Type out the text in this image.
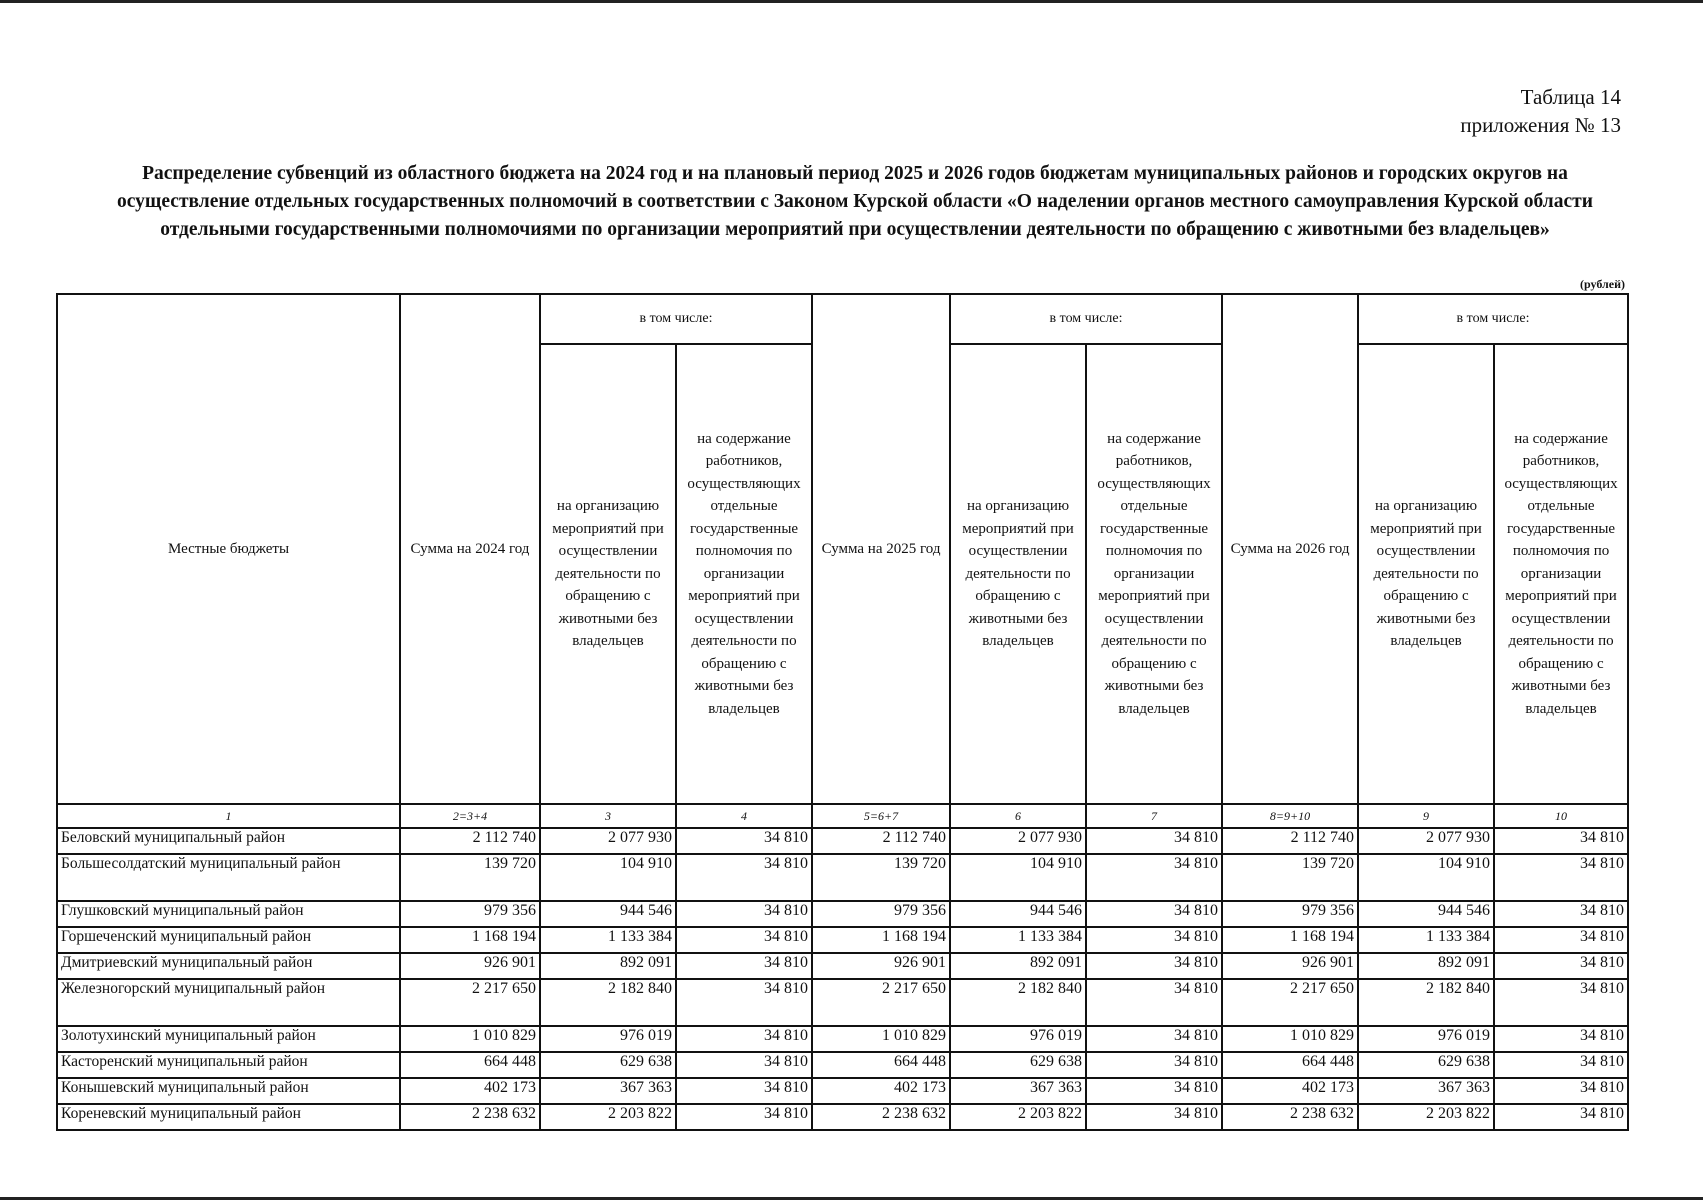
Таблица 14
приложения № 13
Распределение субвенций из областного бюджета на 2024 год и на плановый период 2025 и 2026 годов бюджетам муниципальных районов и городских округов на осуществление отдельных государственных полномочий в соответствии с Законом Курской области «О наделении органов местного самоуправления Курской области отдельными государственными полномочиями по организации мероприятий при осуществлении деятельности по обращению с животными без владельцев»
(рублей)
Местные бюджеты	Сумма на 2024 год	в том числе:		Сумма на 2025 год	в том числе:		Сумма на 2026 год	в том числе:	
		на организацию мероприятий при осуществлении деятельности по обращению с животными без владельцев	на содержание работников, осуществляющих отдельные государственные полномочия по организации мероприятий при осуществлении деятельности по обращению с животными без владельцев		на организацию мероприятий при осуществлении деятельности по обращению с животными без владельцев	на содержание работников, осуществляющих отдельные государственные полномочия по организации мероприятий при осуществлении деятельности по обращению с животными без владельцев		на организацию мероприятий при осуществлении деятельности по обращению с животными без владельцев	на содержание работников, осуществляющих отдельные государственные полномочия по организации мероприятий при осуществлении деятельности по обращению с животными без владельцев
1	2=3+4	3	4	5=6+7	6	7	8=9+10	9	10
Беловский муниципальный район	2 112 740	2 077 930	34 810	2 112 740	2 077 930	34 810	2 112 740	2 077 930	34 810
Большесолдатский муниципальный район	139 720	104 910	34 810	139 720	104 910	34 810	139 720	104 910	34 810
Глушковский муниципальный район	979 356	944 546	34 810	979 356	944 546	34 810	979 356	944 546	34 810
Горшеченский муниципальный район	1 168 194	1 133 384	34 810	1 168 194	1 133 384	34 810	1 168 194	1 133 384	34 810
Дмитриевский муниципальный район	926 901	892 091	34 810	926 901	892 091	34 810	926 901	892 091	34 810
Железногорский муниципальный район	2 217 650	2 182 840	34 810	2 217 650	2 182 840	34 810	2 217 650	2 182 840	34 810
Золотухинский муниципальный район	1 010 829	976 019	34 810	1 010 829	976 019	34 810	1 010 829	976 019	34 810
Касторенский муниципальный район	664 448	629 638	34 810	664 448	629 638	34 810	664 448	629 638	34 810
Конышевский муниципальный район	402 173	367 363	34 810	402 173	367 363	34 810	402 173	367 363	34 810
Кореневский муниципальный район	2 238 632	2 203 822	34 810	2 238 632	2 203 822	34 810	2 238 632	2 203 822	34 810
